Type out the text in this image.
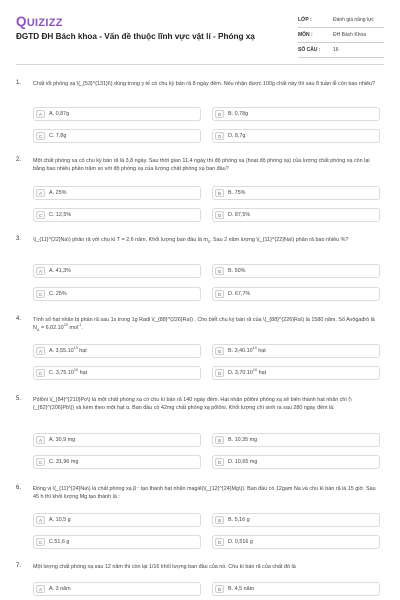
QUIZIZZ
ĐGTD ĐH Bách khoa - Vấn đề thuộc lĩnh vực vật lí - Phóng xạ
LỚP :	Đánh giá năng lực
MÔN :	ĐH Bách Khoa
SỐ CÂU :	16
1. Chất iốt phóng xạ \(_{53}^{131}I\) dùng trong y tế có chu kỳ bán rã 8 ngày đêm. Nếu nhận được 100g chất này thì sau 8 tuần lễ còn bao nhiêu?
A	A. 0,87g	B	B. 0,78g
C	C. 7,8g	D	D. 8,7g
2. Một chất phóng xạ có chu kỳ bán rã là 3,8 ngày. Sau thời gian 11,4 ngày thì độ phóng xạ (hoạt độ phóng xạ) của lượng chất phóng xạ còn lại bằng bao nhiêu phần trăm so với độ phóng xạ của lượng chất phóng xạ ban đầu?
A	A. 25%	B	B. 75%
C	C. 12,5%	D	D. 87,5%
3. \(_{11}^{22}Na\) phân rã với chu kì T = 2,6 năm. Khối lượng ban đầu là $m_0$. Sau 2 năm lượng \(_{11}^{22}Na\) phân rã bao nhiêu %?
A	A. 41,3%	B	B. 50%
C	C. 25%	D	D. 67,7%
4. Tính số hạt nhân bị phân rã sau 1s trong 1g Radi \(_{88}^{226}Ra\) . Cho biết chu kỳ bán rã của \(_{88}^{226}Ra\) là 1580 năm. Số Avôgađrô là $N_A = 6,02.10^{23}$ mol$^{-1}$.
A	A. 3,55.10$^{10}$ hạt	B	B. 3,40.10$^{10}$ hạt
C	C. 3,75.10$^{10}$ hạt	D	D. 3,70.10$^{10}$ hạt
5. Pôlôni \(_{84}^{210}Po\) là một chất phóng xạ có chu kì bán rã 140 ngày đêm. Hạt nhân pôlôni phóng xạ sẽ biến thành hạt nhân chì (\(_{82}^{206}Pb\)) và kèm theo một hạt α. Ban đầu có 42mg chất phóng xạ pôlôni. Khối lượng chì sinh ra sau 280 ngày đêm là:
A	A. 30,9 mg	B	B. 10,35 mg
C	C. 31,96 mg	D	D. 10,65 mg
6. Đồng vị \(_{11}^{24}Na\) là chất phóng xạ β⁻ tạo thành hạt nhân magiê(\(_{12}^{24}Mg\)). Ban đầu có 12gam Na và chu kì bán rã là 15 giờ. Sau 45 h thì khối lượng Mg tạo thành là :
A	A. 10,5 g	B	B. 5,16 g
C	C.51,6 g	D	D. 0,516 g
7. Một lượng chất phóng xạ sau 12 năm thì còn lại 1/16 khối lượng ban đầu của nó. Chu kì bán rã của chất đó là
A	A. 3 năm	B	B. 4,5 năm
